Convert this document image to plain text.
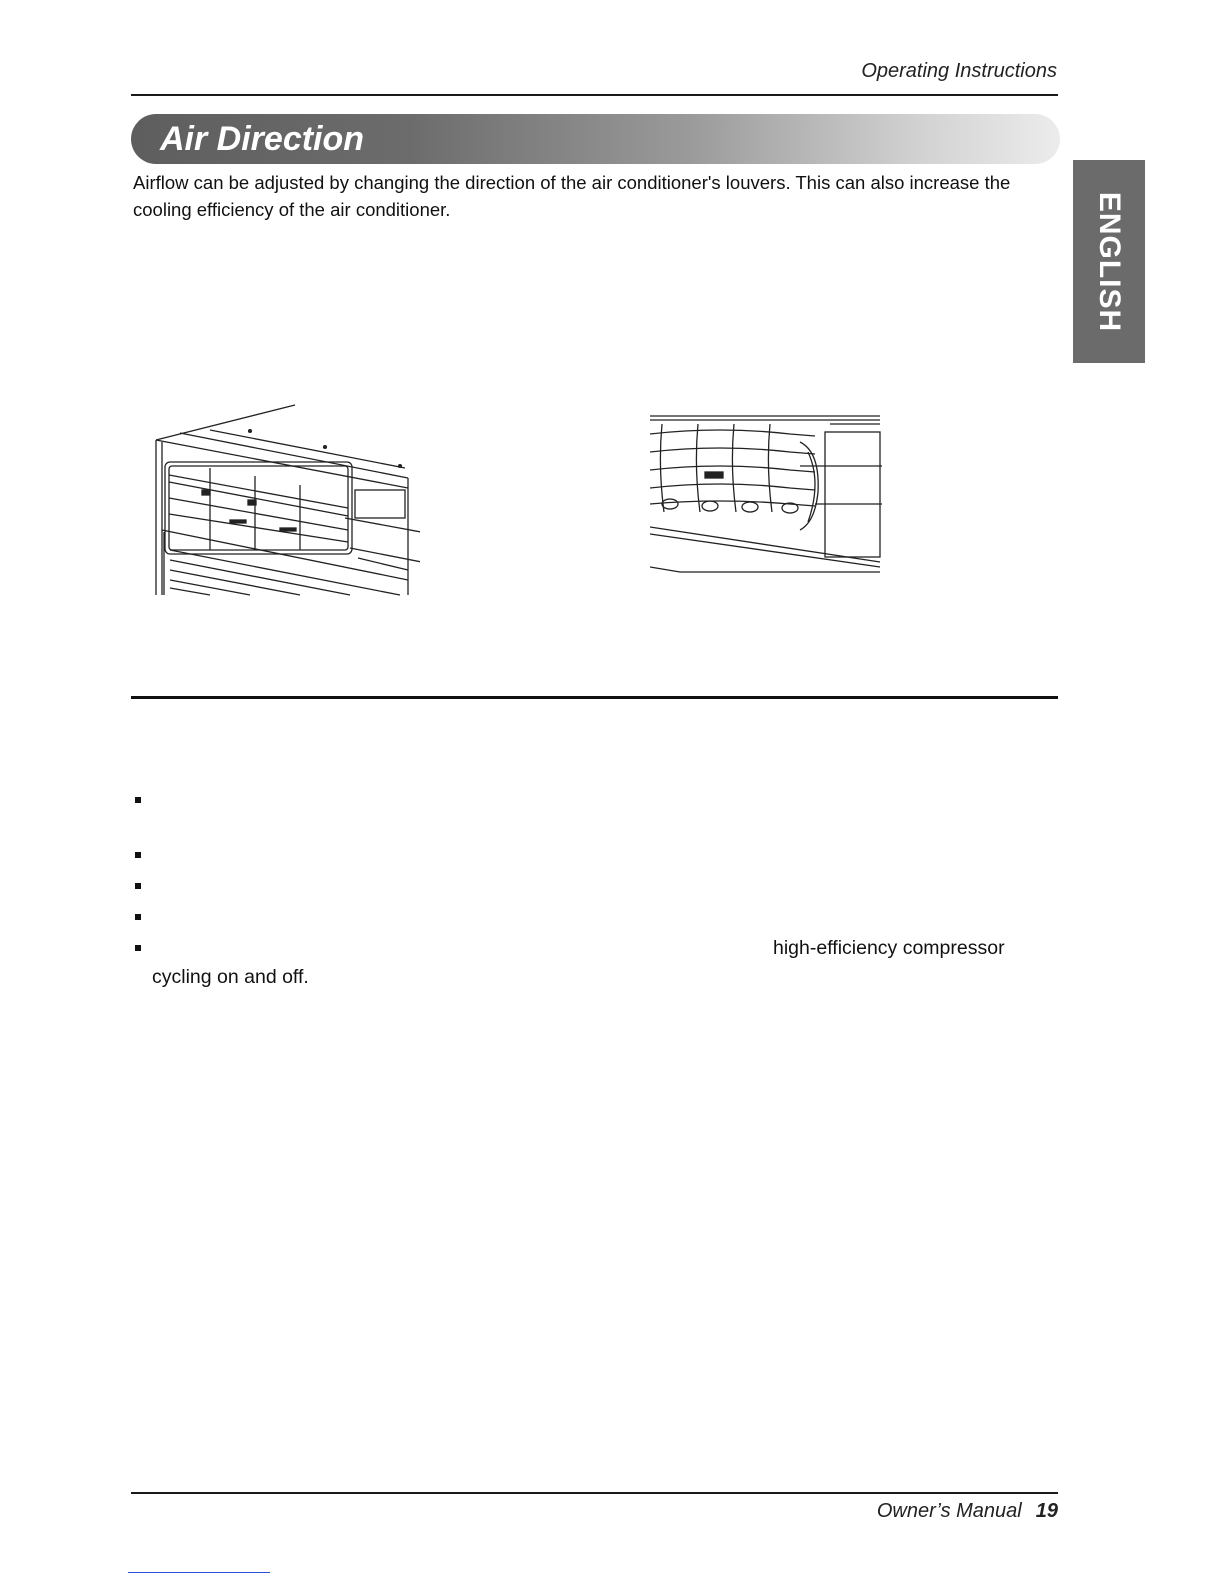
Operating Instructions
Air Direction
ENGLISH
Airflow can be adjusted by changing the direction of the air conditioner's louvers. This can also increase the cooling efficiency of the air conditioner.
high-efficiency compressor
cycling on and off.
Owner’s Manual 19
